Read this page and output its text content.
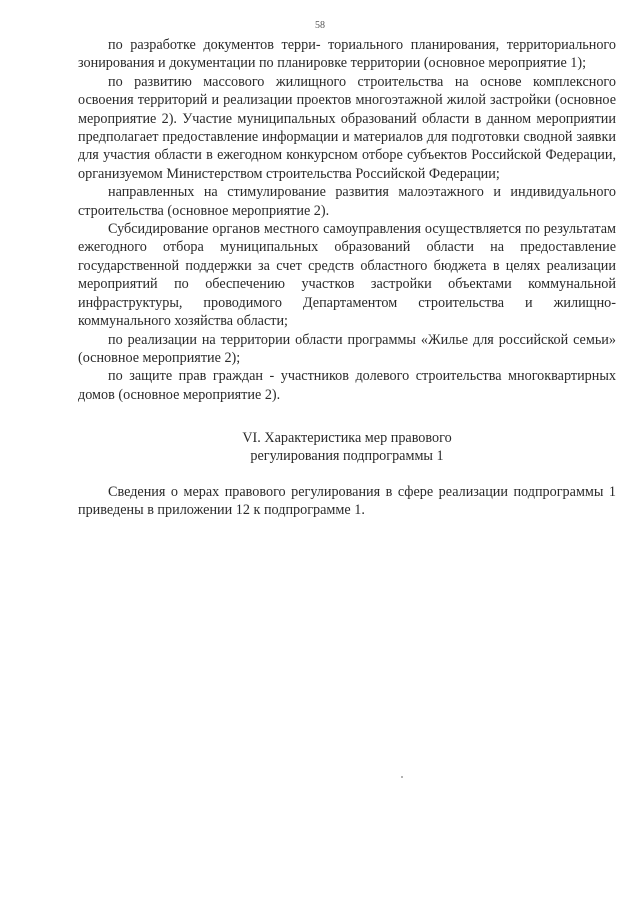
58

по разработке документов терри- ториального планирования, территориального зонирования и документации по планировке территории (основное мероприятие 1);

по развитию массового жилищного строительства на основе комплексного освоения территорий и реализации проектов многоэтажной жилой застройки (основное мероприятие 2). Участие муниципальных образований области в данном мероприятии предполагает предоставление информации и материалов для подготовки сводной заявки для участия области в ежегодном конкурсном отборе субъектов Российской Федерации, организуемом Министерством строительства Российской Федерации;

направленных на стимулирование развития малоэтажного и индивидуального строительства (основное мероприятие 2).

Субсидирование органов местного самоуправления осуществляется по результатам ежегодного отбора муниципальных образований области на предоставление государственной поддержки за счет средств областного бюджета в целях реализации мероприятий по обеспечению участков застройки объектами коммунальной инфраструктуры, проводимого Департаментом строительства и жилищно-коммунального хозяйства области;

по реализации на территории области программы «Жилье для российской семьи» (основное мероприятие 2);

по защите прав граждан - участников долевого строительства многоквартирных домов (основное мероприятие 2).

VI. Характеристика мер правового
регулирования подпрограммы 1

Сведения о мерах правового регулирования в сфере реализации подпрограммы 1 приведены в приложении 12 к подпрограмме 1.
